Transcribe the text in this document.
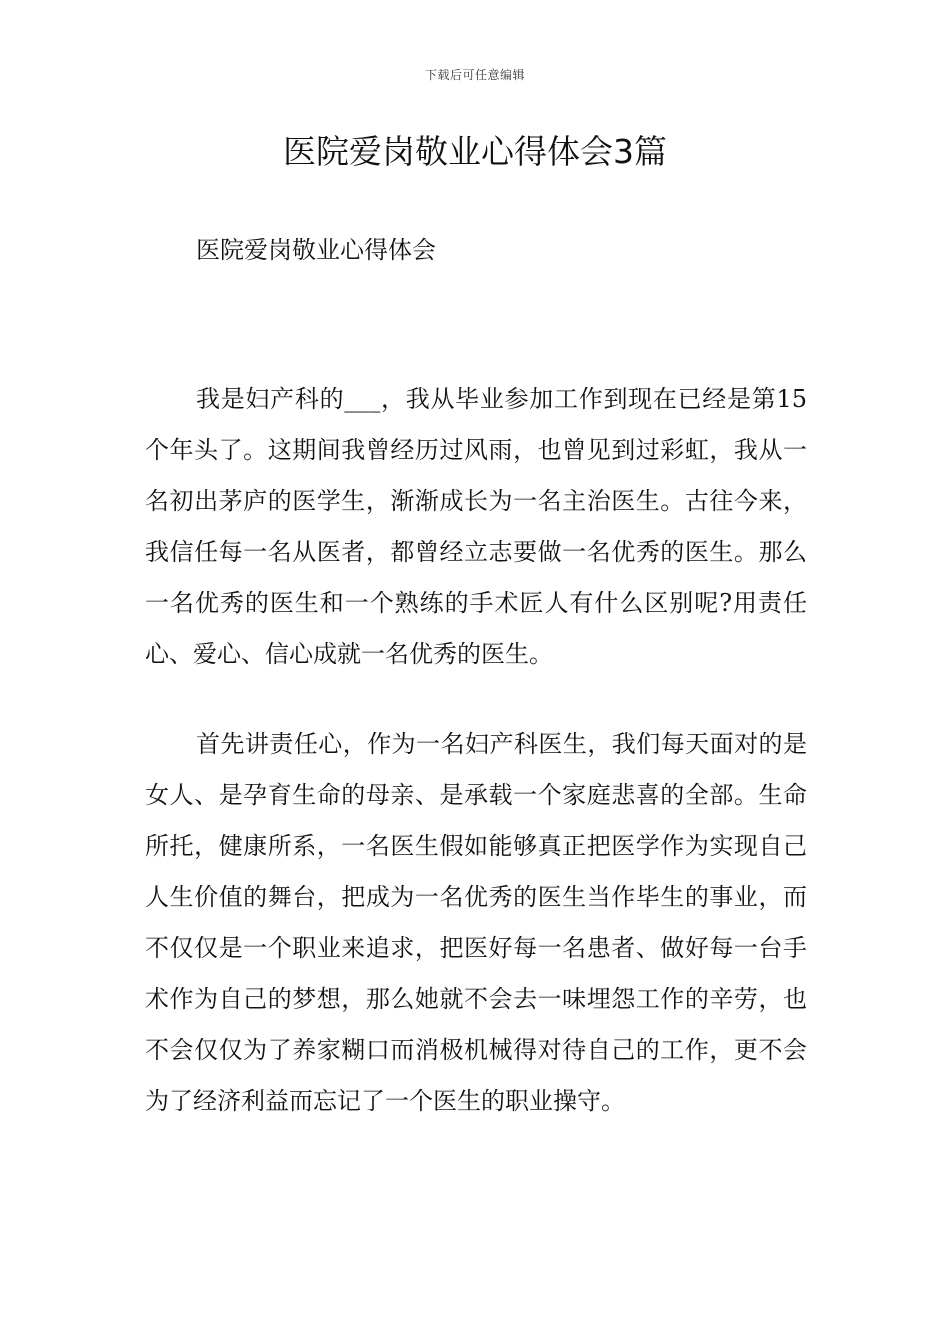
下载后可任意编辑
医院爱岗敬业心得体会3篇
医院爱岗敬业心得体会

我是妇产科的___，我从毕业参加工作到现在已经是第15个年头了。这期间我曾经历过风雨，也曾见到过彩虹，我从一名初出茅庐的医学生，渐渐成长为一名主治医生。古往今来，我信任每一名从医者，都曾经立志要做一名优秀的医生。那么一名优秀的医生和一个熟练的手术匠人有什么区别呢?用责任心、爱心、信心成就一名优秀的医生。

首先讲责任心，作为一名妇产科医生，我们每天面对的是女人、是孕育生命的母亲、是承载一个家庭悲喜的全部。生命所托，健康所系，一名医生假如能够真正把医学作为实现自己人生价值的舞台，把成为一名优秀的医生当作毕生的事业，而不仅仅是一个职业来追求，把医好每一名患者、做好每一台手术作为自己的梦想，那么她就不会去一味埋怨工作的辛劳，也不会仅仅为了养家糊口而消极机械得对待自己的工作，更不会为了经济利益而忘记了一个医生的职业操守。
